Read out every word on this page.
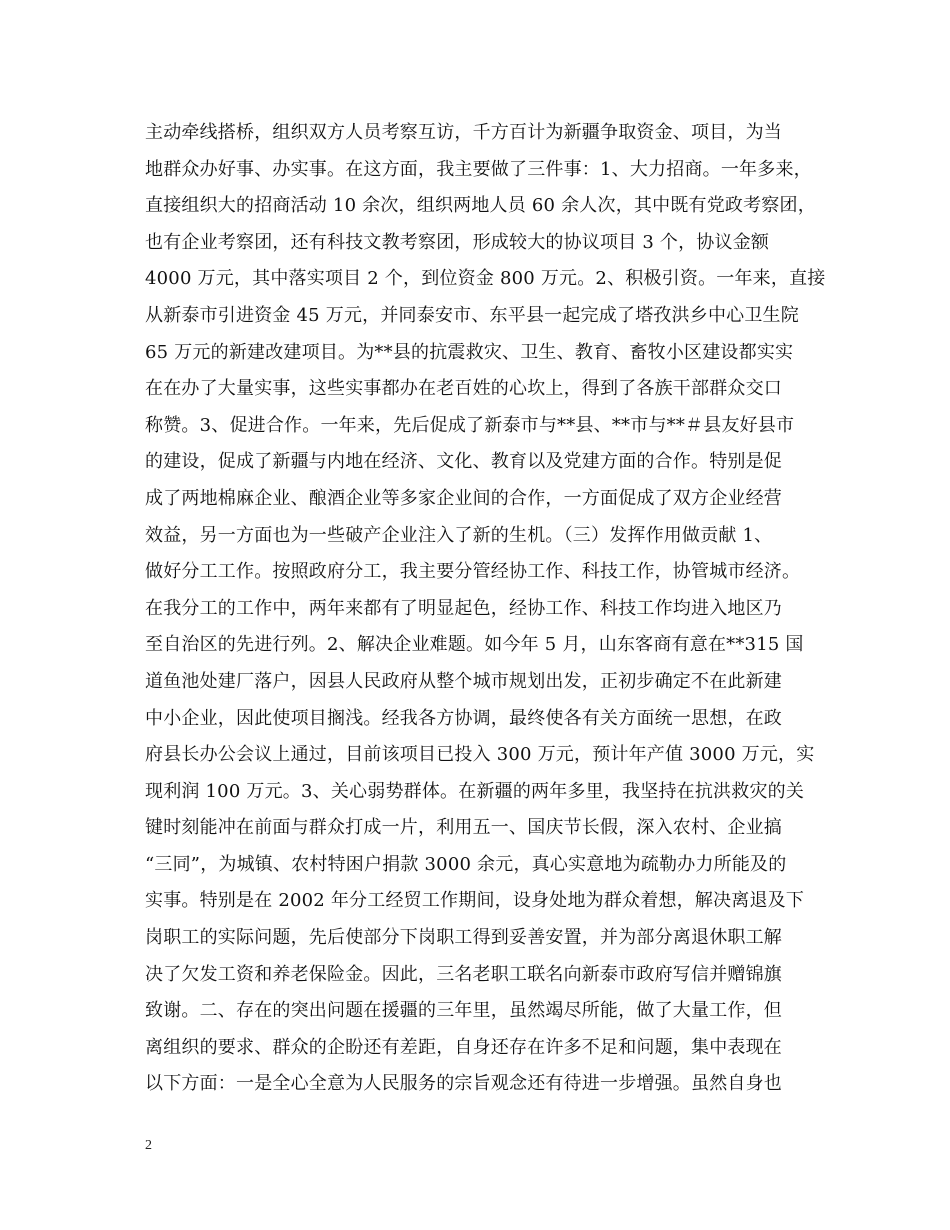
主动牵线搭桥，组织双方人员考察互访，千方百计为新疆争取资金、项目，为当
地群众办好事、办实事。在这方面，我主要做了三件事：1、大力招商。一年多来，
直接组织大的招商活动 10 余次，组织两地人员 60 余人次，其中既有党政考察团，
也有企业考察团，还有科技文教考察团，形成较大的协议项目 3 个，协议金额
4000 万元，其中落实项目 2 个，到位资金 800 万元。2、积极引资。一年来，直接
从新泰市引进资金 45 万元，并同泰安市、东平县一起完成了塔孜洪乡中心卫生院
65 万元的新建改建项目。为**县的抗震救灾、卫生、教育、畜牧小区建设都实实
在在办了大量实事，这些实事都办在老百姓的心坎上，得到了各族干部群众交口
称赞。3、促进合作。一年来，先后促成了新泰市与**县、**市与**＃县友好县市
的建设，促成了新疆与内地在经济、文化、教育以及党建方面的合作。特别是促
成了两地棉麻企业、酿酒企业等多家企业间的合作，一方面促成了双方企业经营
效益，另一方面也为一些破产企业注入了新的生机。（三）发挥作用做贡献 1、
做好分工工作。按照政府分工，我主要分管经协工作、科技工作，协管城市经济。
在我分工的工作中，两年来都有了明显起色，经协工作、科技工作均进入地区乃
至自治区的先进行列。2、解决企业难题。如今年 5 月，山东客商有意在**315 国
道鱼池处建厂落户，因县人民政府从整个城市规划出发，正初步确定不在此新建
中小企业，因此使项目搁浅。经我各方协调，最终使各有关方面统一思想，在政
府县长办公会议上通过，目前该项目已投入 300 万元，预计年产值 3000 万元，实
现利润 100 万元。3、关心弱势群体。在新疆的两年多里，我坚持在抗洪救灾的关
键时刻能冲在前面与群众打成一片，利用五一、国庆节长假，深入农村、企业搞
“三同”，为城镇、农村特困户捐款 3000 余元，真心实意地为疏勒办力所能及的
实事。特别是在 2002 年分工经贸工作期间，设身处地为群众着想，解决离退及下
岗职工的实际问题，先后使部分下岗职工得到妥善安置，并为部分离退休职工解
决了欠发工资和养老保险金。因此，三名老职工联名向新泰市政府写信并赠锦旗
致谢。二、存在的突出问题在援疆的三年里，虽然竭尽所能，做了大量工作，但
离组织的要求、群众的企盼还有差距，自身还存在许多不足和问题，集中表现在
以下方面：一是全心全意为人民服务的宗旨观念还有待进一步增强。虽然自身也
2
